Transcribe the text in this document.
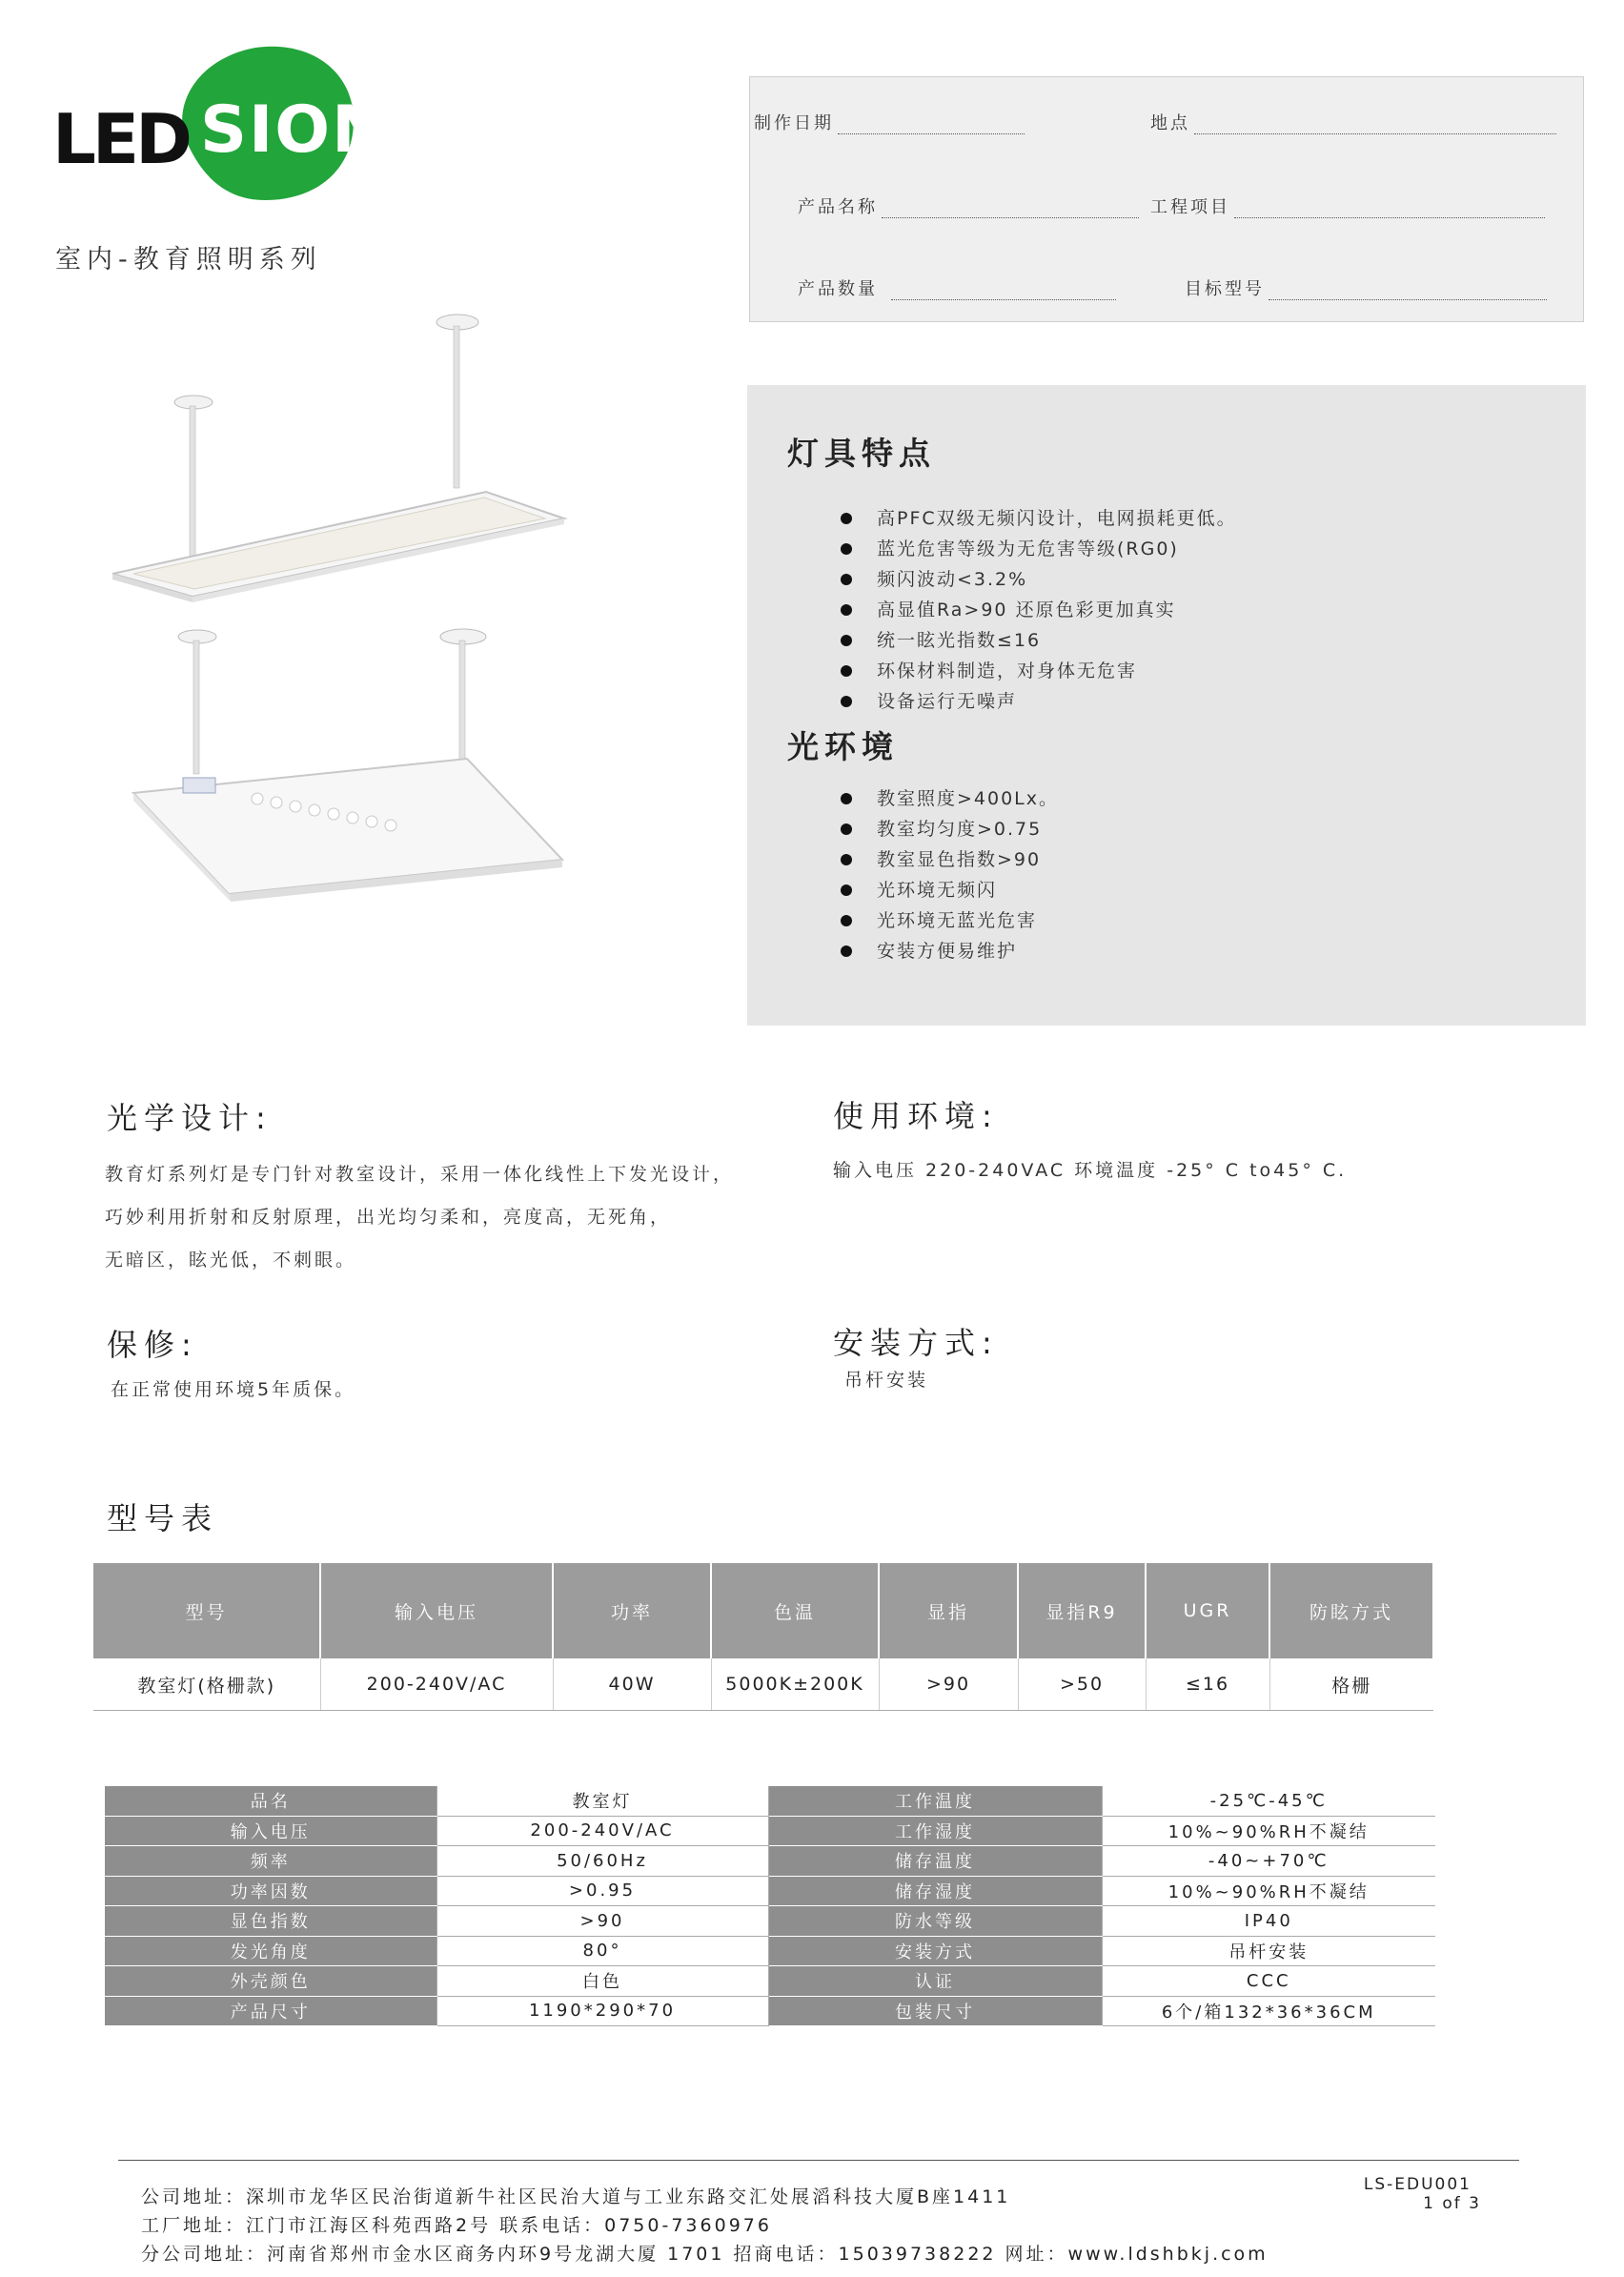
LED SION
室内-教育照明系列
制作日期	地点
产品名称	工程项目
产品数量	目标型号
灯具特点
高PFC双级无频闪设计，电网损耗更低。
蓝光危害等级为无危害等级(RG0)
频闪波动<3.2%
高显值Ra>90 还原色彩更加真实
统一眩光指数≤16
环保材料制造，对身体无危害
设备运行无噪声
光环境
教室照度>400Lx。
教室均匀度>0.75
教室显色指数>90
光环境无频闪
光环境无蓝光危害
安装方便易维护
光学设计:
教育灯系列灯是专门针对教室设计，采用一体化线性上下发光设计，
巧妙利用折射和反射原理，出光均匀柔和，亮度高，无死角，
无暗区，眩光低，不刺眼。
使用环境:
输入电压 220-240VAC 环境温度 -25° C to45° C.
保修:
在正常使用环境5年质保。
安装方式:
吊杆安装
型号表
型号	输入电压	功率	色温	显指	显指R9	UGR	防眩方式
教室灯(格栅款)	200-240V/AC	40W	5000K±200K	>90	>50	≤16	格栅
品名	教室灯	工作温度	-25℃-45℃
输入电压	200-240V/AC	工作湿度	10%~90%RH不凝结
频率	50/60Hz	储存温度	-40~+70℃
功率因数	>0.95	储存湿度	10%~90%RH不凝结
显色指数	>90	防水等级	IP40
发光角度	80°	安装方式	吊杆安装
外壳颜色	白色	认证	CCC
产品尺寸	1190*290*70	包装尺寸	6个/箱132*36*36CM
公司地址：深圳市龙华区民治街道新牛社区民治大道与工业东路交汇处展滔科技大厦B座1411
工厂地址：江门市江海区科苑西路2号 联系电话：0750-7360976
分公司地址：河南省郑州市金水区商务内环9号龙湖大厦 1701 招商电话：15039738222 网址：www.ldshbkj.com
LS-EDU001
1 of 3
